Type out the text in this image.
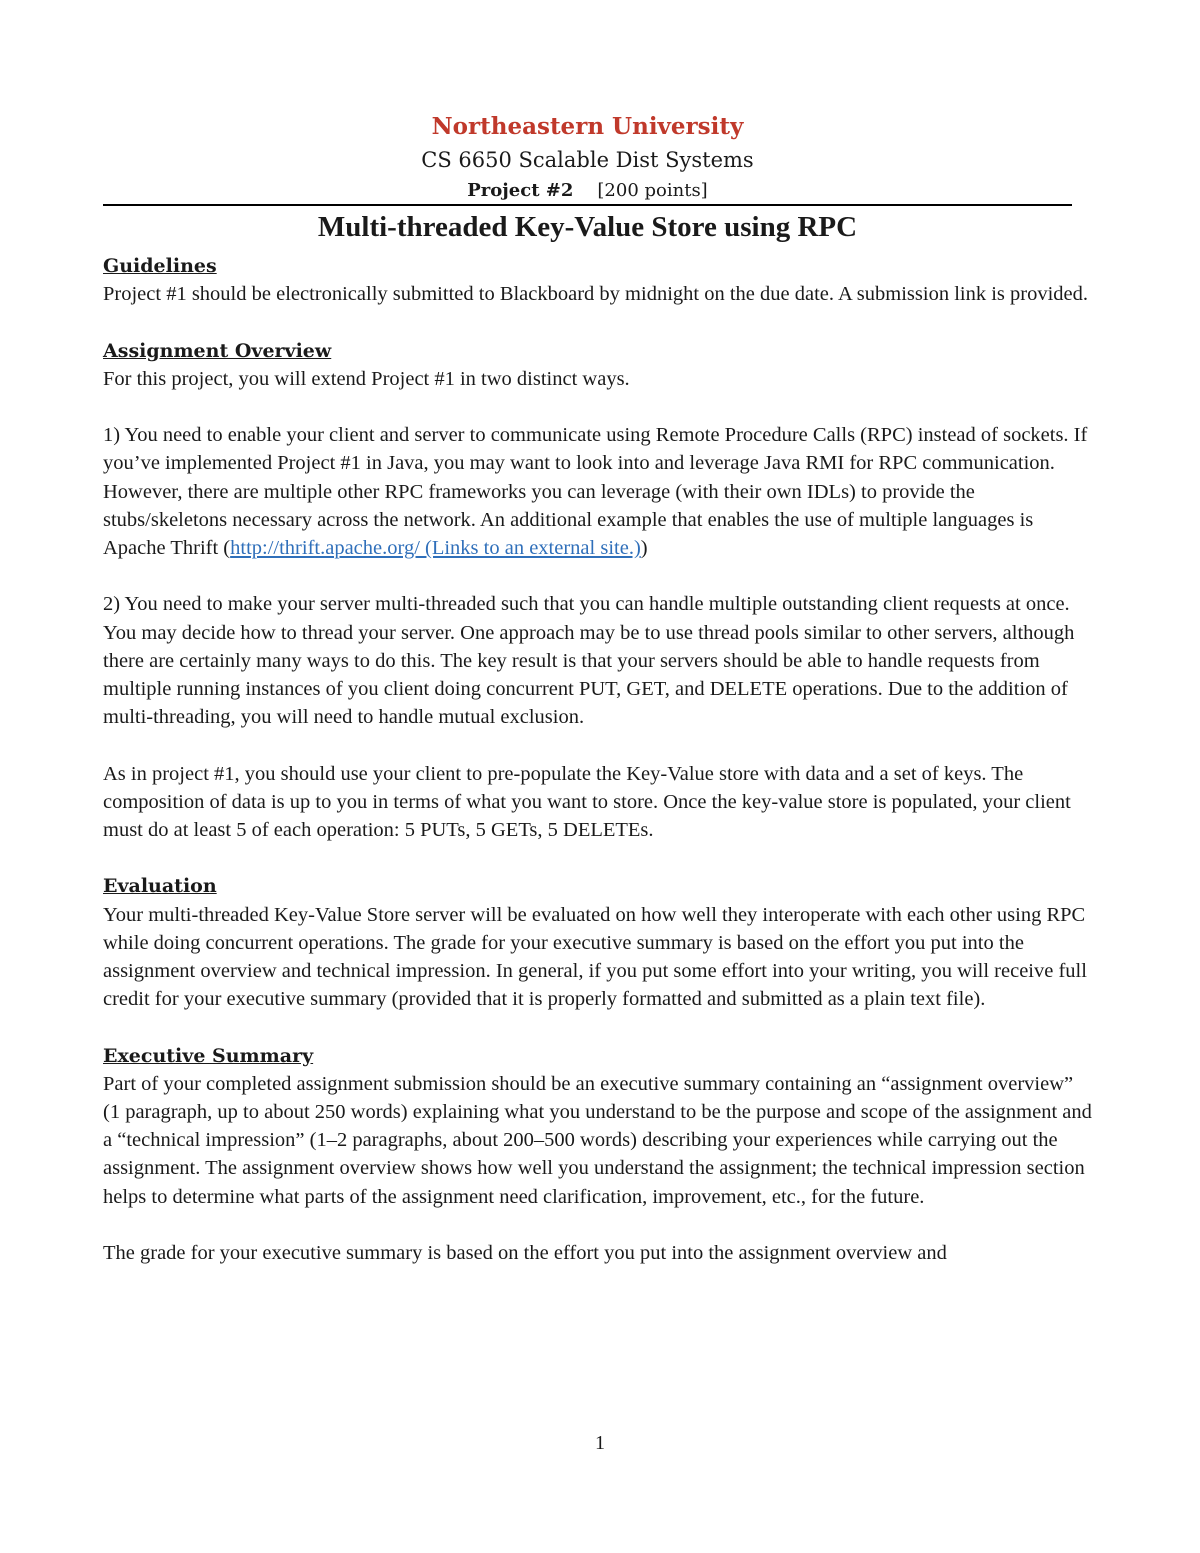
Northeastern University
CS 6650 Scalable Dist Systems
Project #2 [200 points]
Multi-threaded Key-Value Store using RPC

Guidelines

Project #1 should be electronically submitted to Blackboard by midnight on the due date. A submission link is provided.

Assignment Overview

For this project, you will extend Project #1 in two distinct ways.

1) You need to enable your client and server to communicate using Remote Procedure Calls (RPC) instead of sockets. If you’ve implemented Project #1 in Java, you may want to look into and leverage Java RMI for RPC communication. However, there are multiple other RPC frameworks you can leverage (with their own IDLs) to provide the stubs/skeletons necessary across the network. An additional example that enables the use of multiple languages is Apache Thrift (http://thrift.apache.org/ (Links to an external site.))

2) You need to make your server multi-threaded such that you can handle multiple outstanding client requests at once. You may decide how to thread your server. One approach may be to use thread pools similar to other servers, although there are certainly many ways to do this. The key result is that your servers should be able to handle requests from multiple running instances of you client doing concurrent PUT, GET, and DELETE operations. Due to the addition of multi-threading, you will need to handle mutual exclusion.

As in project #1, you should use your client to pre-populate the Key-Value store with data and a set of keys. The composition of data is up to you in terms of what you want to store. Once the key-value store is populated, your client must do at least 5 of each operation: 5 PUTs, 5 GETs, 5 DELETEs.

Evaluation

Your multi-threaded Key-Value Store server will be evaluated on how well they interoperate with each other using RPC while doing concurrent operations. The grade for your executive summary is based on the effort you put into the assignment overview and technical impression. In general, if you put some effort into your writing, you will receive full credit for your executive summary (provided that it is properly formatted and submitted as a plain text file).

Executive Summary

Part of your completed assignment submission should be an executive summary containing an “assignment overview” (1 paragraph, up to about 250 words) explaining what you understand to be the purpose and scope of the assignment and a “technical impression” (1–2 paragraphs, about 200–500 words) describing your experiences while carrying out the assignment. The assignment overview shows how well you understand the assignment; the technical impression section helps to determine what parts of the assignment need clarification, improvement, etc., for the future.

The grade for your executive summary is based on the effort you put into the assignment overview and

1
